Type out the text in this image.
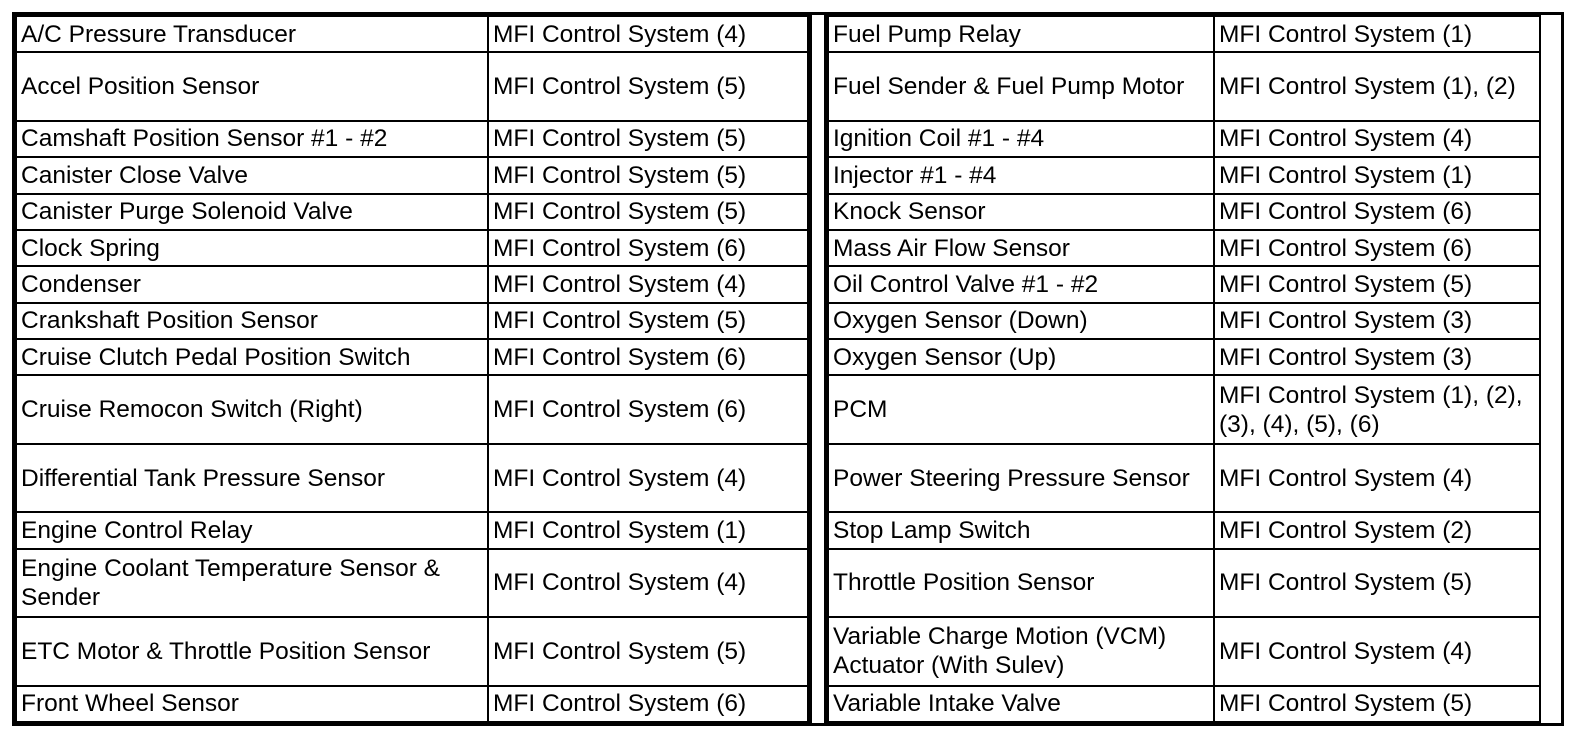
A/C Pressure Transducer	MFI Control System (4)
Accel Position Sensor	MFI Control System (5)
Camshaft Position Sensor #1 - #2	MFI Control System (5)
Canister Close Valve	MFI Control System (5)
Canister Purge Solenoid Valve	MFI Control System (5)
Clock Spring	MFI Control System (6)
Condenser	MFI Control System (4)
Crankshaft Position Sensor	MFI Control System (5)
Cruise Clutch Pedal Position Switch	MFI Control System (6)
Cruise Remocon Switch (Right)	MFI Control System (6)
Differential Tank Pressure Sensor	MFI Control System (4)
Engine Control Relay	MFI Control System (1)
Engine Coolant Temperature Sensor & Sender	MFI Control System (4)
ETC Motor & Throttle Position Sensor	MFI Control System (5)
Front Wheel Sensor	MFI Control System (6)
Fuel Pump Relay	MFI Control System (1)
Fuel Sender & Fuel Pump Motor	MFI Control System (1), (2)
Ignition Coil #1 - #4	MFI Control System (4)
Injector #1 - #4	MFI Control System (1)
Knock Sensor	MFI Control System (6)
Mass Air Flow Sensor	MFI Control System (6)
Oil Control Valve #1 - #2	MFI Control System (5)
Oxygen Sensor (Down)	MFI Control System (3)
Oxygen Sensor (Up)	MFI Control System (3)
PCM	MFI Control System (1), (2), (3), (4), (5), (6)
Power Steering Pressure Sensor	MFI Control System (4)
Stop Lamp Switch	MFI Control System (2)
Throttle Position Sensor	MFI Control System (5)
Variable Charge Motion (VCM) Actuator (With Sulev)	MFI Control System (4)
Variable Intake Valve	MFI Control System (5)
